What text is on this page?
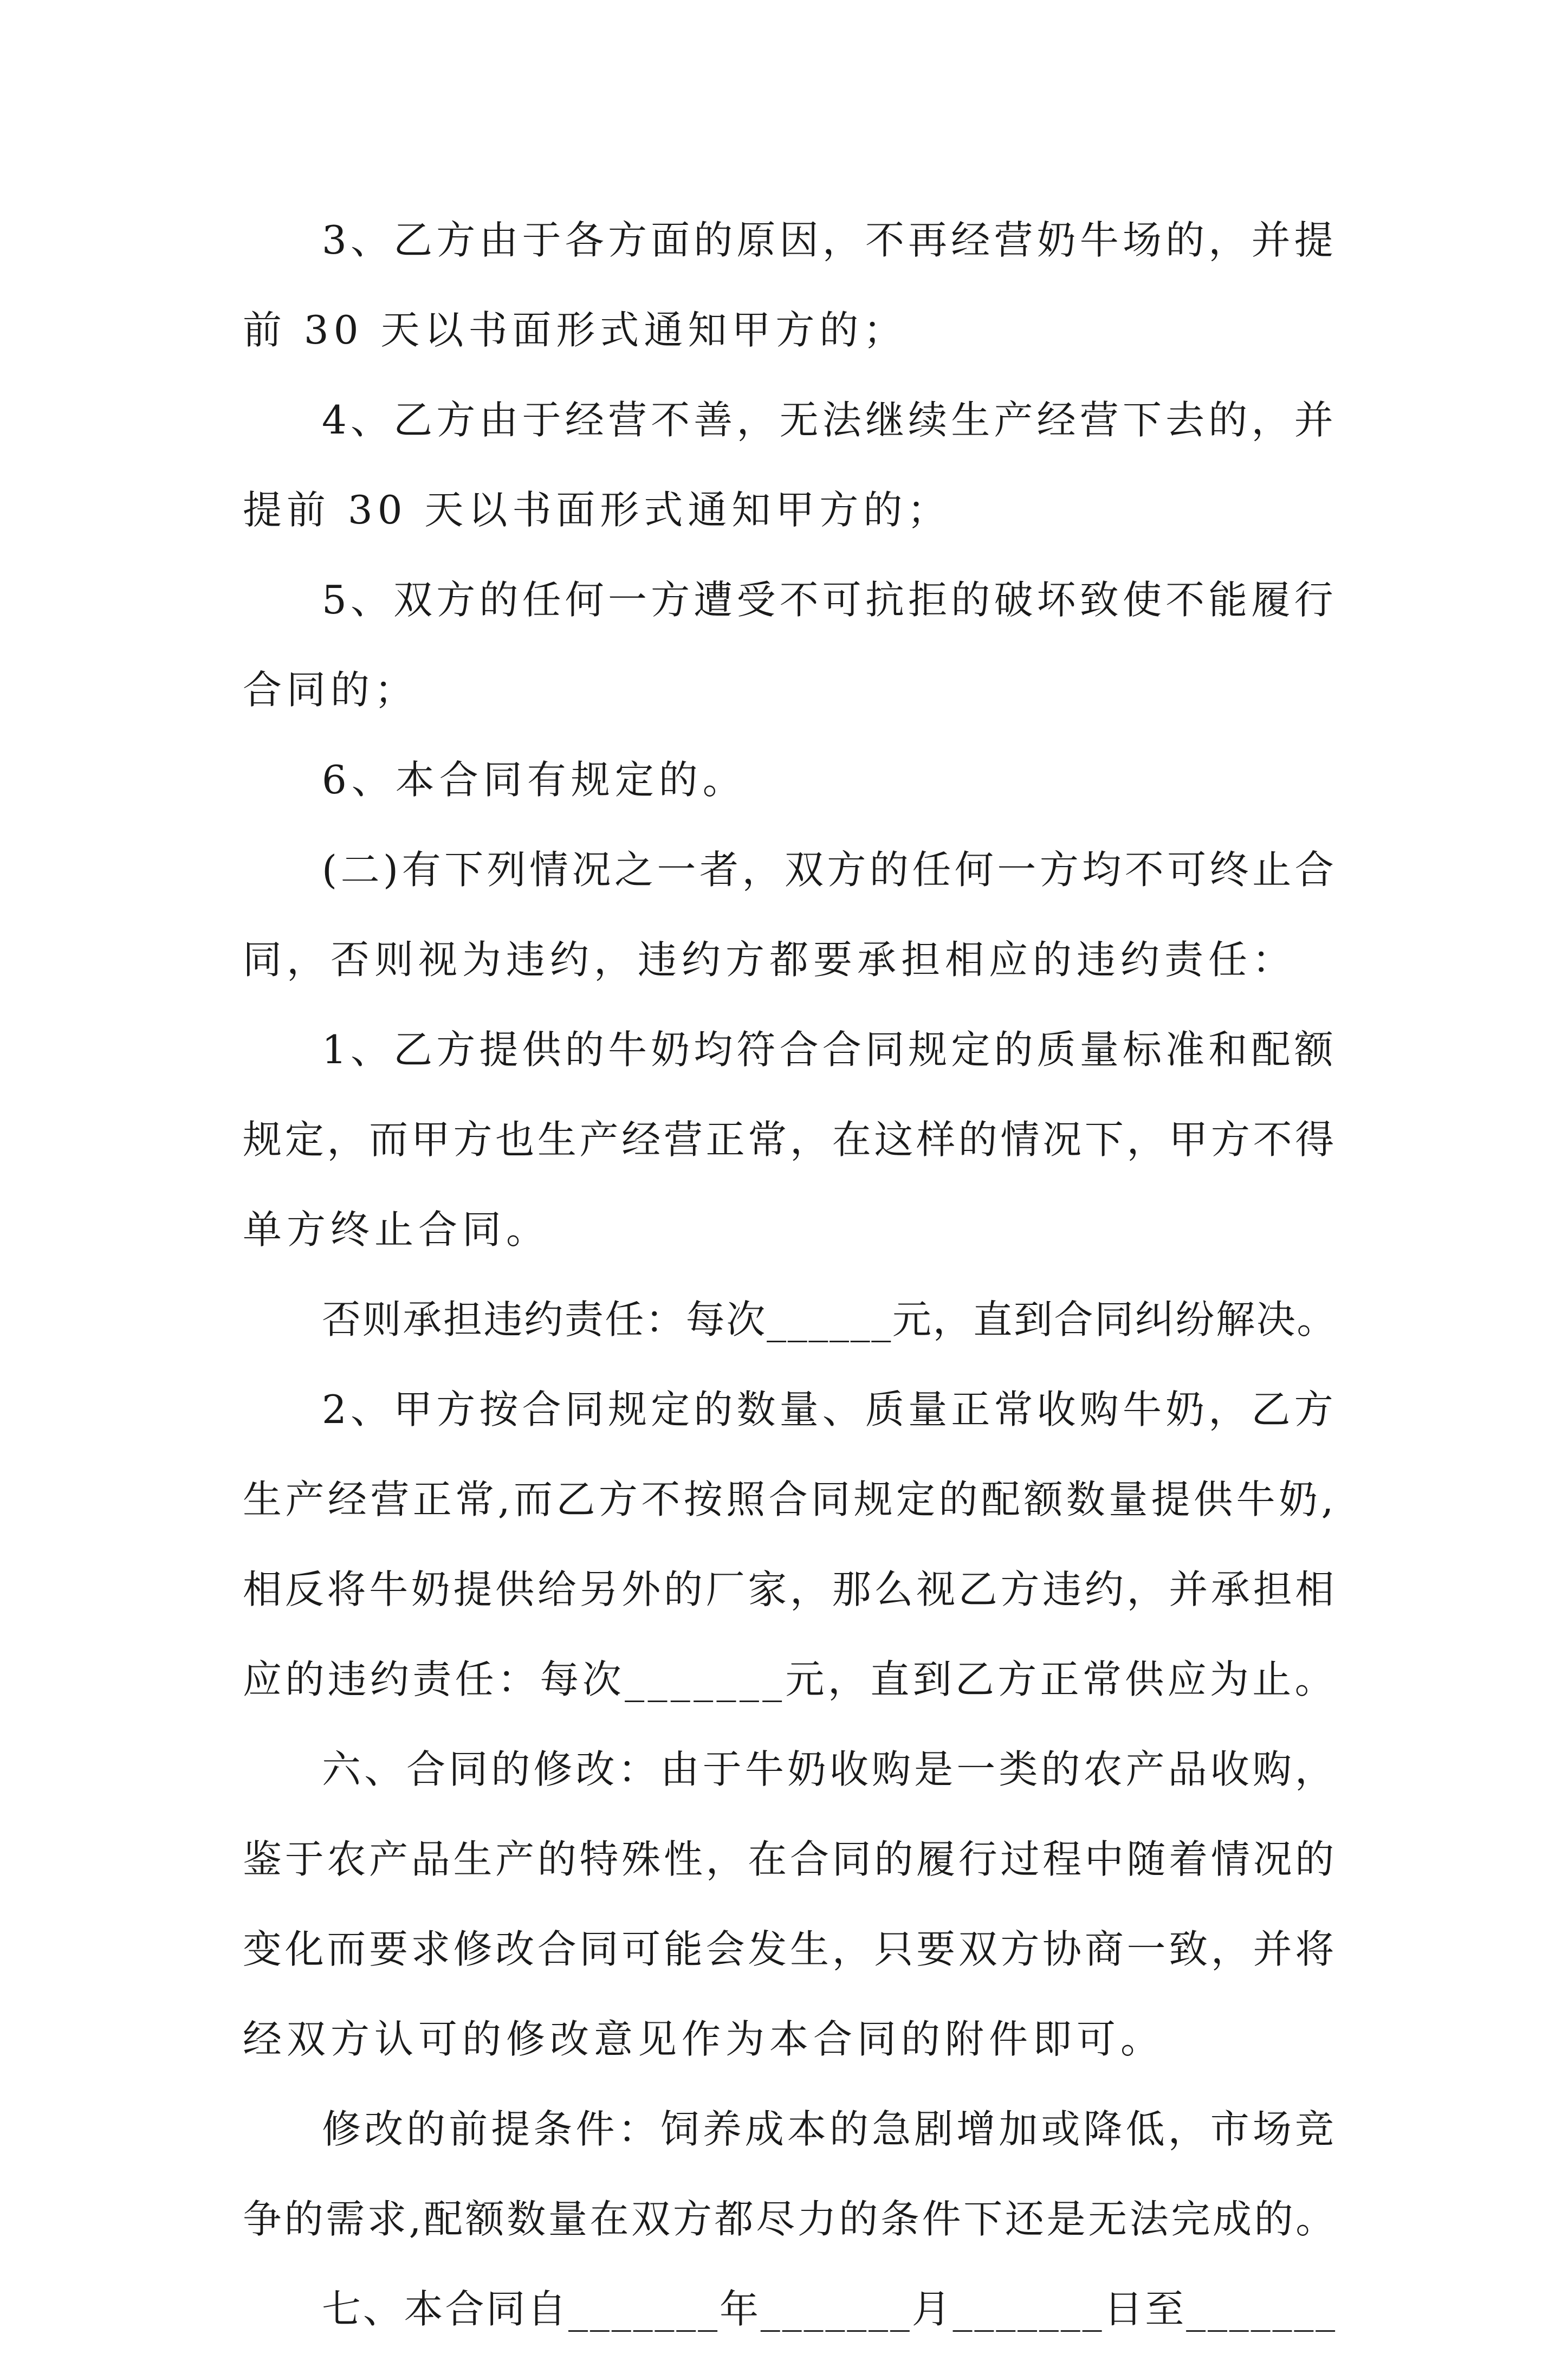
3、乙方由于各方面的原因，不再经营奶牛场的，并提
前 30 天以书面形式通知甲方的；
4、乙方由于经营不善，无法继续生产经营下去的，并
提前 30 天以书面形式通知甲方的；
5、双方的任何一方遭受不可抗拒的破坏致使不能履行
合同的；
6、本合同有规定的。
(二)有下列情况之一者，双方的任何一方均不可终止合
同，否则视为违约，违约方都要承担相应的违约责任：
1、乙方提供的牛奶均符合合同规定的质量标准和配额
规定，而甲方也生产经营正常，在这样的情况下，甲方不得
单方终止合同。
否则承担违约责任：每次______元，直到合同纠纷解决。
2、甲方按合同规定的数量、质量正常收购牛奶，乙方
生产经营正常,而乙方不按照合同规定的配额数量提供牛奶,
相反将牛奶提供给另外的厂家，那么视乙方违约，并承担相
应的违约责任：每次_______元，直到乙方正常供应为止。
六、合同的修改：由于牛奶收购是一类的农产品收购，
鉴于农产品生产的特殊性，在合同的履行过程中随着情况的
变化而要求修改合同可能会发生，只要双方协商一致，并将
经双方认可的修改意见作为本合同的附件即可。
修改的前提条件：饲养成本的急剧增加或降低，市场竞
争的需求,配额数量在双方都尽力的条件下还是无法完成的。
七、本合同自_______年_______月_______日至_______
